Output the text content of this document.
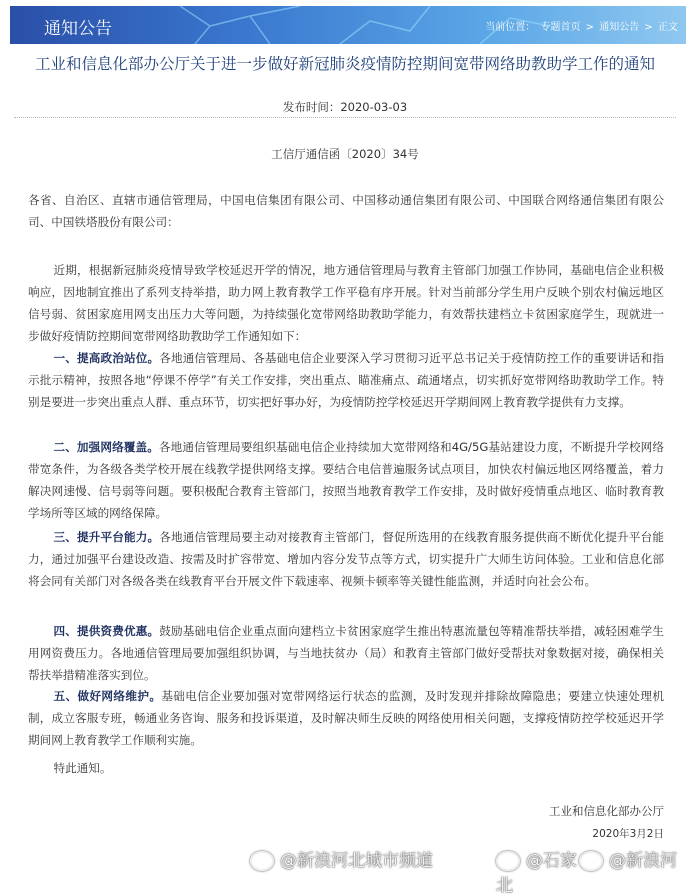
通知公告	当前位置： 专题首页 > 通知公告 > 正文
工业和信息化部办公厅关于进一步做好新冠肺炎疫情防控期间宽带网络助教助学工作的通知
发布时间：2020-03-03
工信厅通信函〔2020〕34号
各省、自治区、直辖市通信管理局，中国电信集团有限公司、中国移动通信集团有限公司、中国联合网络通信集团有限公司、中国铁塔股份有限公司：
近期，根据新冠肺炎疫情导致学校延迟开学的情况，地方通信管理局与教育主管部门加强工作协同，基础电信企业积极响应，因地制宜推出了系列支持举措，助力网上教育教学工作平稳有序开展。针对当前部分学生用户反映个别农村偏远地区信号弱、贫困家庭用网支出压力大等问题，为持续强化宽带网络助教助学能力，有效帮扶建档立卡贫困家庭学生，现就进一步做好疫情防控期间宽带网络助教助学工作通知如下：
一、提高政治站位。各地通信管理局、各基础电信企业要深入学习贯彻习近平总书记关于疫情防控工作的重要讲话和指示批示精神，按照各地“停课不停学”有关工作安排，突出重点、瞄准痛点、疏通堵点，切实抓好宽带网络助教助学工作。特别是要进一步突出重点人群、重点环节，切实把好事办好，为疫情防控学校延迟开学期间网上教育教学提供有力支撑。
二、加强网络覆盖。各地通信管理局要组织基础电信企业持续加大宽带网络和4G/5G基站建设力度，不断提升学校网络带宽条件，为各级各类学校开展在线教学提供网络支撑。要结合电信普遍服务试点项目，加快农村偏远地区网络覆盖，着力解决网速慢、信号弱等问题。要积极配合教育主管部门，按照当地教育教学工作安排，及时做好疫情重点地区、临时教育教学场所等区域的网络保障。
三、提升平台能力。各地通信管理局要主动对接教育主管部门，督促所选用的在线教育服务提供商不断优化提升平台能力，通过加强平台建设改造、按需及时扩容带宽、增加内容分发节点等方式，切实提升广大师生访问体验。工业和信息化部将会同有关部门对各级各类在线教育平台开展文件下载速率、视频卡顿率等关键性能监测，并适时向社会公布。
四、提供资费优惠。鼓励基础电信企业重点面向建档立卡贫困家庭学生推出特惠流量包等精准帮扶举措，减轻困难学生用网资费压力。各地通信管理局要加强组织协调，与当地扶贫办（局）和教育主管部门做好受帮扶对象数据对接，确保相关帮扶举措精准落实到位。
五、做好网络维护。基础电信企业要加强对宽带网络运行状态的监测，及时发现并排除故障隐患；要建立快速处理机制，成立客服专班，畅通业务咨询、服务和投诉渠道，及时解决师生反映的网络使用相关问题，支撑疫情防控学校延迟开学期间网上教育教学工作顺利实施。
特此通知。
工业和信息化部办公厅
2020年3月2日
@新浪河北城市频道	@石家 @新浪河北
